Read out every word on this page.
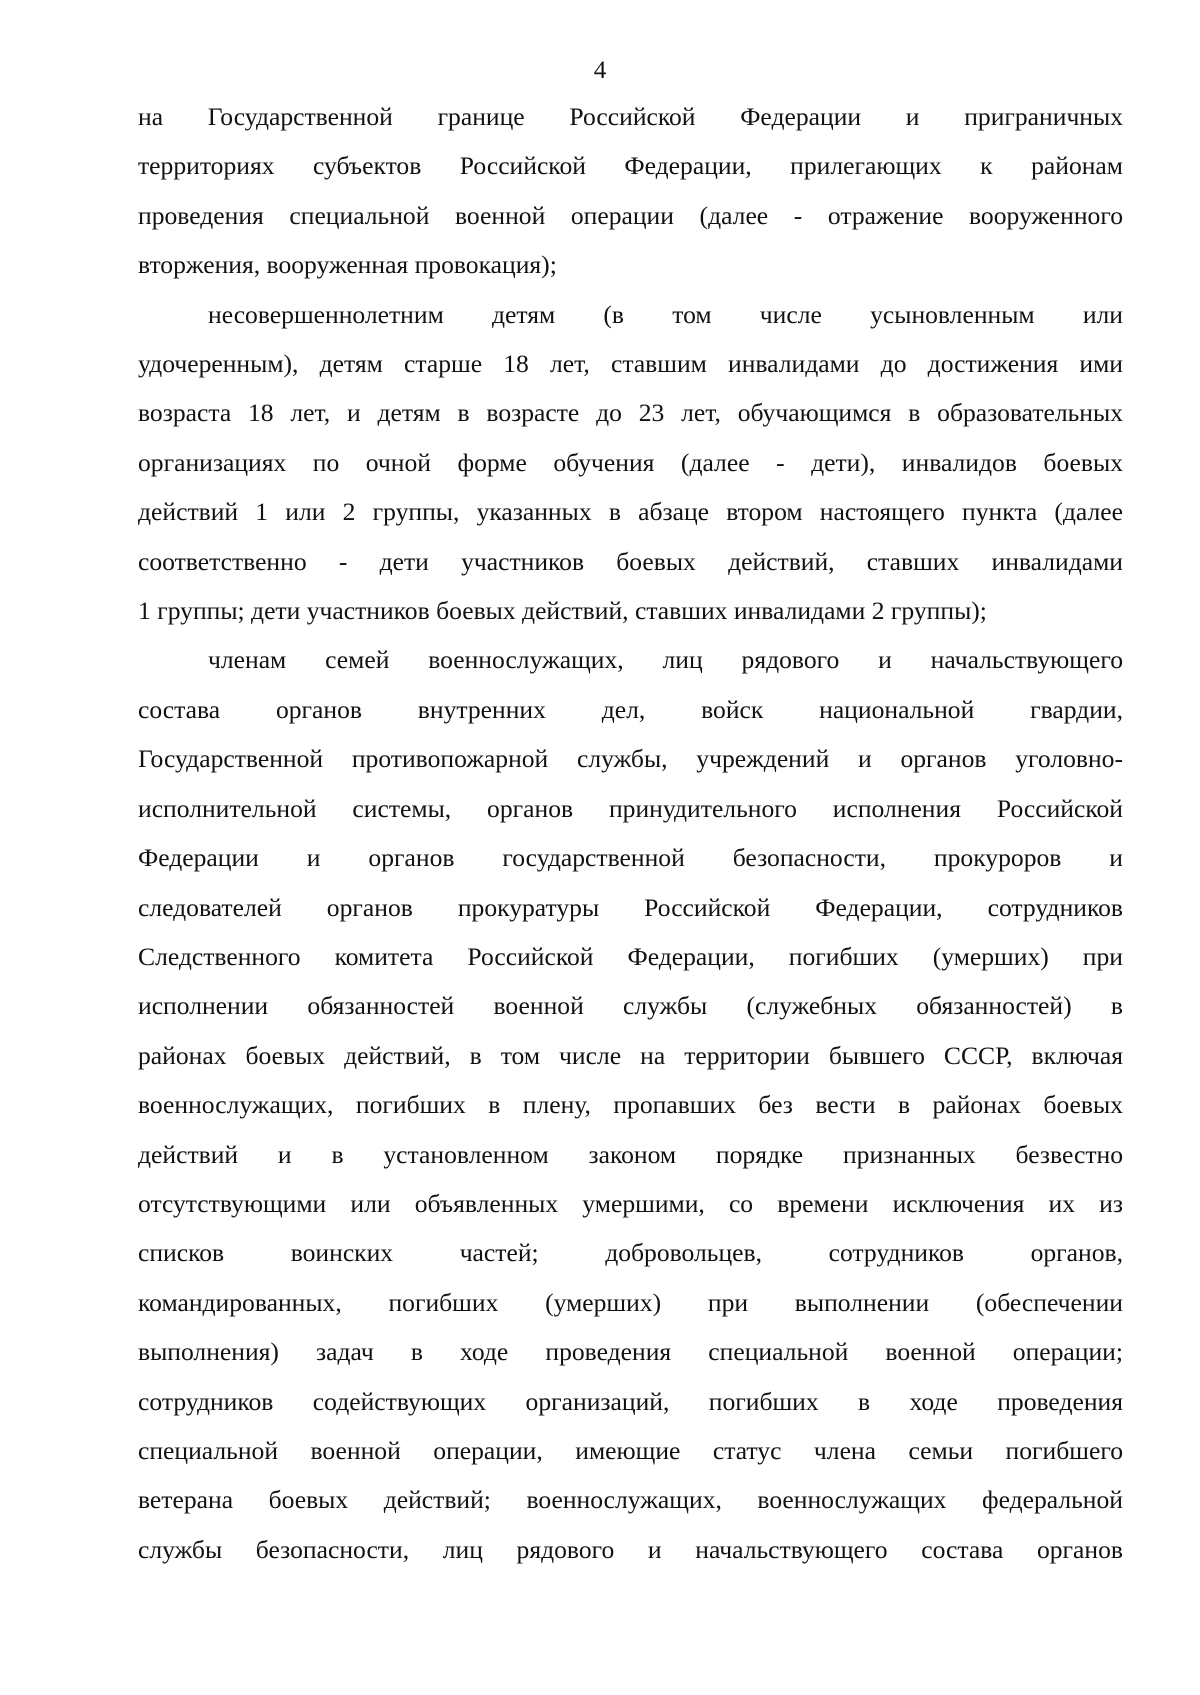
4
на Государственной границе Российской Федерации и приграничных
территориях субъектов Российской Федерации, прилегающих к районам
проведения специальной военной операции (далее - отражение вооруженного
вторжения, вооруженная провокация);
несовершеннолетним детям (в том числе усыновленным или
удочеренным), детям старше 18 лет, ставшим инвалидами до достижения ими
возраста 18 лет, и детям в возрасте до 23 лет, обучающимся в образовательных
организациях по очной форме обучения (далее - дети), инвалидов боевых
действий 1 или 2 группы, указанных в абзаце втором настоящего пункта (далее
соответственно - дети участников боевых действий, ставших инвалидами
1 группы; дети участников боевых действий, ставших инвалидами 2 группы);
членам семей военнослужащих, лиц рядового и начальствующего
состава органов внутренних дел, войск национальной гвардии,
Государственной противопожарной службы, учреждений и органов уголовно-
исполнительной системы, органов принудительного исполнения Российской
Федерации и органов государственной безопасности, прокуроров и
следователей органов прокуратуры Российской Федерации, сотрудников
Следственного комитета Российской Федерации, погибших (умерших) при
исполнении обязанностей военной службы (служебных обязанностей) в
районах боевых действий, в том числе на территории бывшего СССР, включая
военнослужащих, погибших в плену, пропавших без вести в районах боевых
действий и в установленном законом порядке признанных безвестно
отсутствующими или объявленных умершими, со времени исключения их из
списков воинских частей; добровольцев, сотрудников органов,
командированных, погибших (умерших) при выполнении (обеспечении
выполнения) задач в ходе проведения специальной военной операции;
сотрудников содействующих организаций, погибших в ходе проведения
специальной военной операции, имеющие статус члена семьи погибшего
ветерана боевых действий; военнослужащих, военнослужащих федеральной
службы безопасности, лиц рядового и начальствующего состава органов
